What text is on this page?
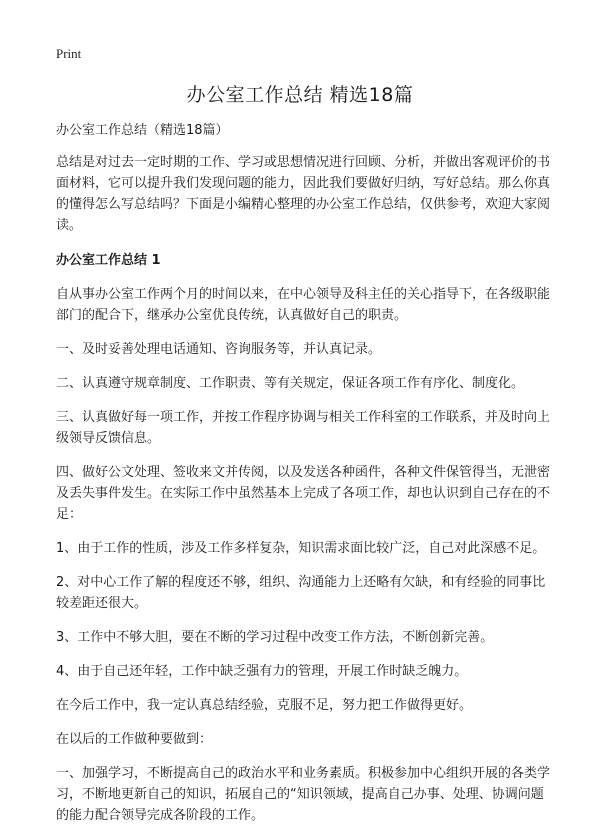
Print
办公室工作总结 精选18篇

办公室工作总结（精选18篇）

总结是对过去一定时期的工作、学习或思想情况进行回顾、分析，并做出客观评价的书面材料，它可以提升我们发现问题的能力，因此我们要做好归纳，写好总结。那么你真的懂得怎么写总结吗？下面是小编精心整理的办公室工作总结，仅供参考，欢迎大家阅读。

办公室工作总结 1

自从事办公室工作两个月的时间以来，在中心领导及科主任的关心指导下，在各级职能部门的配合下，继承办公室优良传统，认真做好自己的职责。

一、及时妥善处理电话通知、咨询服务等，并认真记录。

二、认真遵守规章制度、工作职责、等有关规定，保证各项工作有序化、制度化。

三、认真做好每一项工作，并按工作程序协调与相关工作科室的工作联系，并及时向上级领导反馈信息。

四、做好公文处理、签收来文并传阅，以及发送各种函件，各种文件保管得当，无泄密及丢失事件发生。在实际工作中虽然基本上完成了各项工作，却也认识到自己存在的不足：

1、由于工作的性质，涉及工作多样复杂，知识需求面比较广泛，自己对此深感不足。

2、对中心工作了解的程度还不够，组织、沟通能力上还略有欠缺，和有经验的同事比较差距还很大。

3、工作中不够大胆，要在不断的学习过程中改变工作方法，不断创新完善。

4、由于自己还年轻，工作中缺乏强有力的管理，开展工作时缺乏魄力。

在今后工作中，我一定认真总结经验，克服不足，努力把工作做得更好。

在以后的工作做种要做到：

一、加强学习，不断提高自己的政治水平和业务素质。积极参加中心组织开展的各类学习，不断地更新自己的知识，拓展自己的“知识领域，提高自己办事、处理、协调问题的能力配合领导完成各阶段的工作。
